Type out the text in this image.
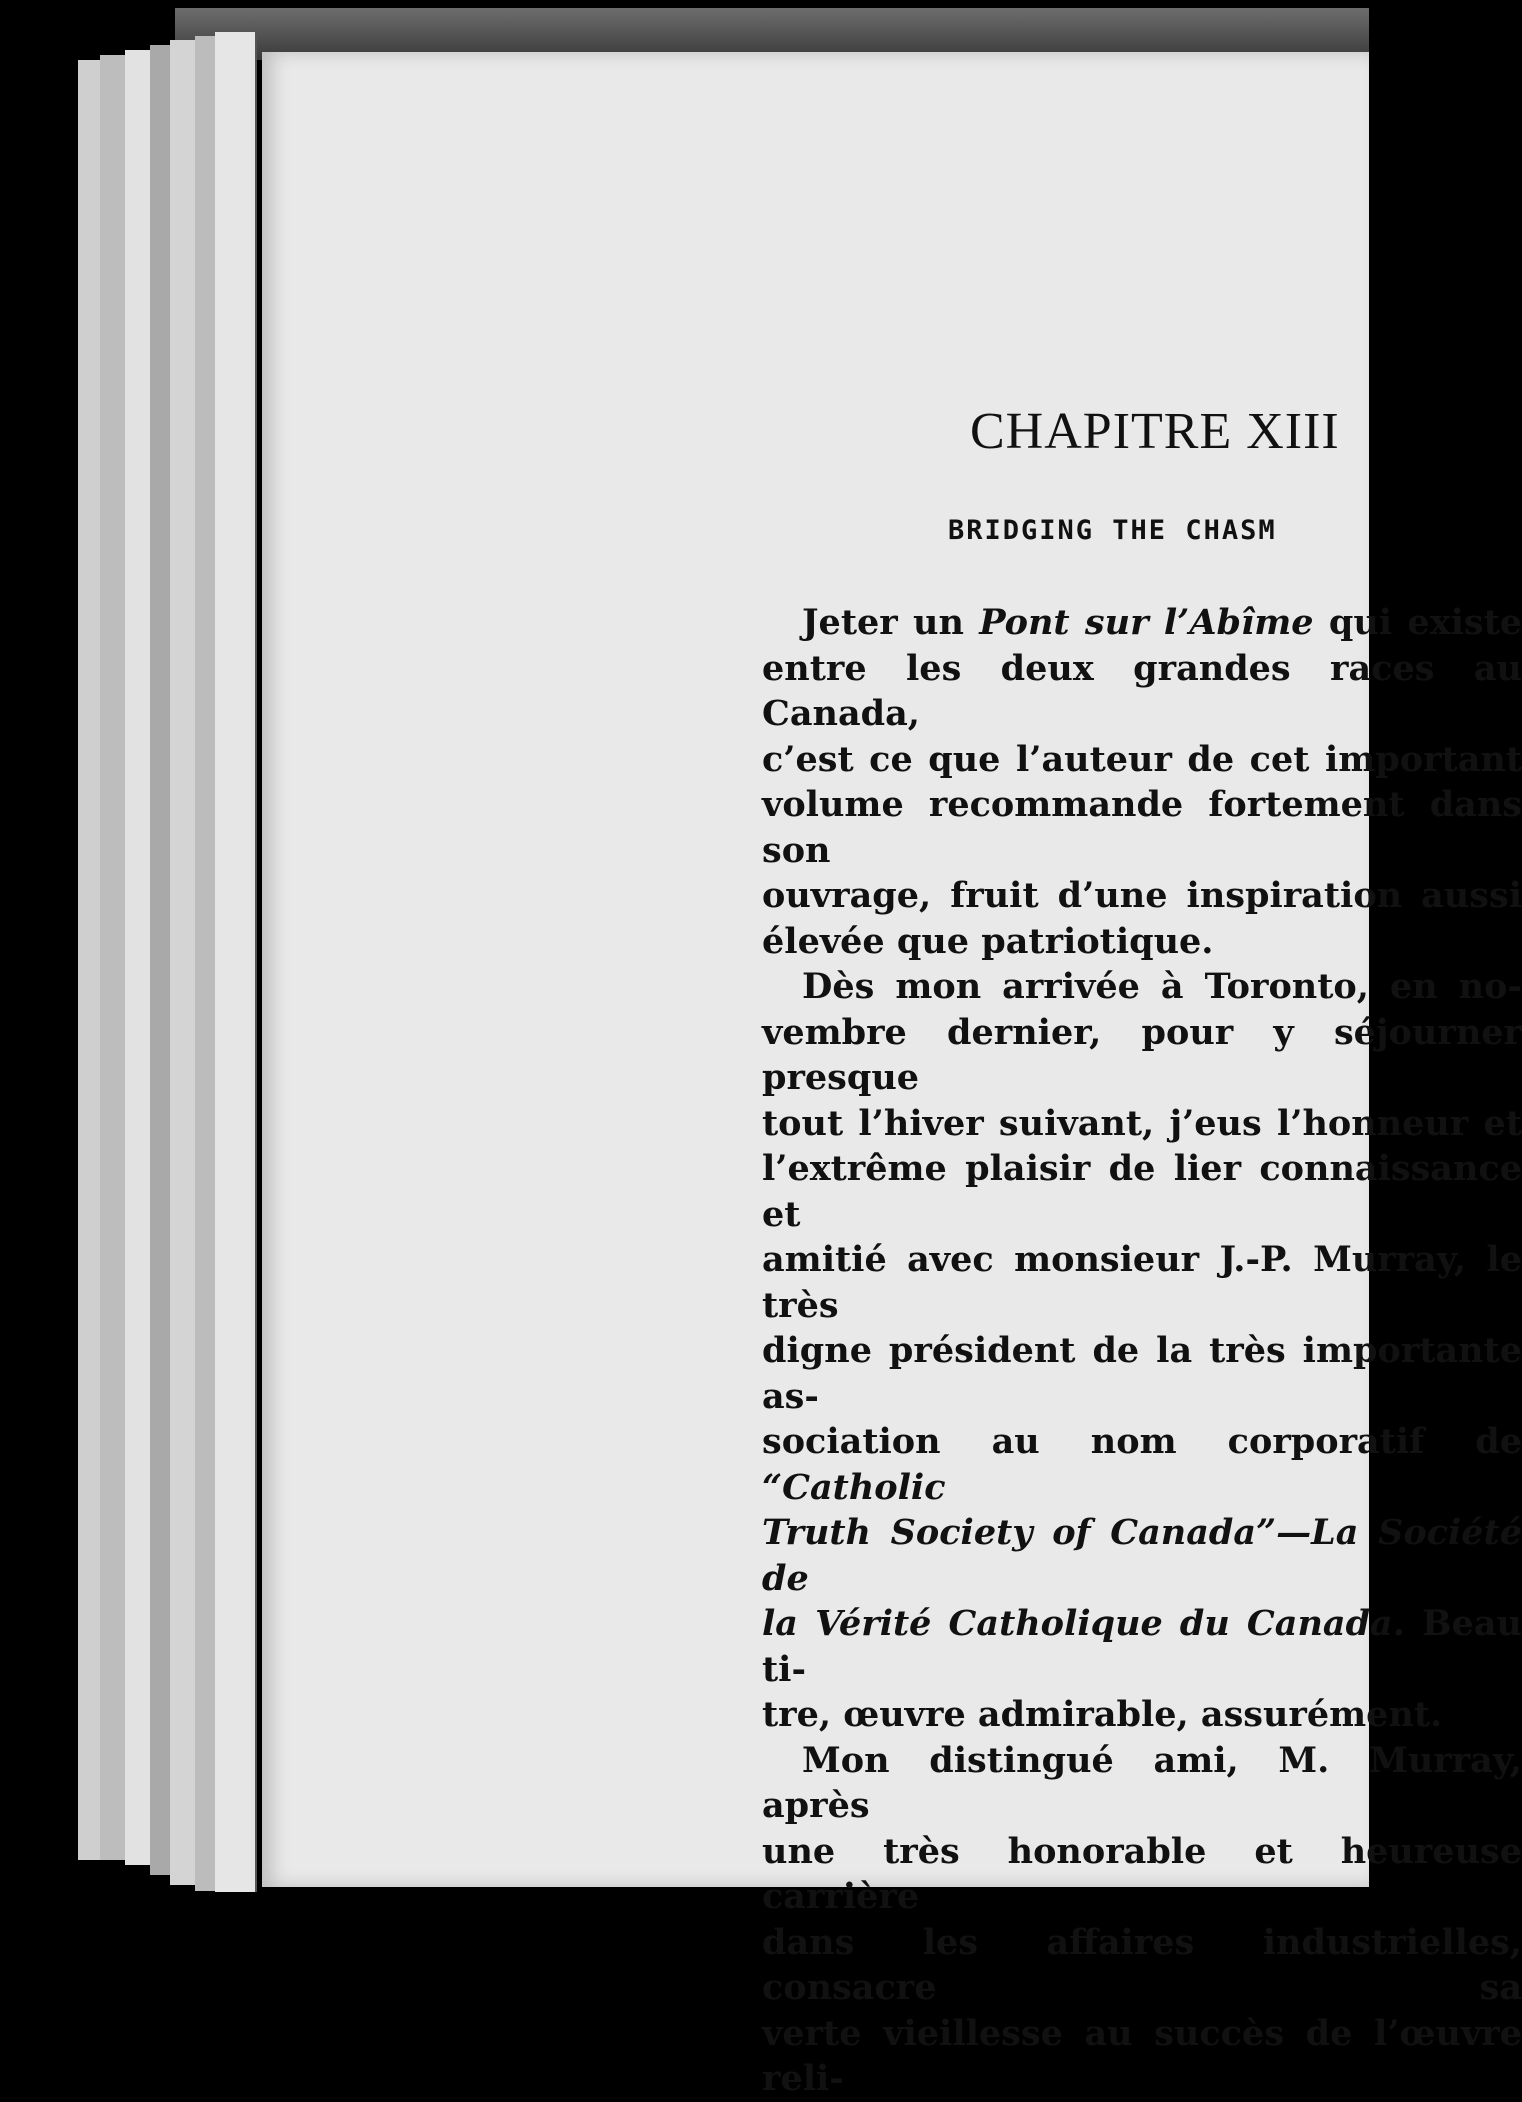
CHAPITRE XIII
BRIDGING THE CHASM

Jeter un Pont sur l’Abîme qui existe
entre les deux grandes races au Canada,
c’est ce que l’auteur de cet important
volume recommande fortement dans son
ouvrage, fruit d’une inspiration aussi
élevée que patriotique.

Dès mon arrivée à Toronto, en no-
vembre dernier, pour y séjourner presque
tout l’hiver suivant, j’eus l’honneur et
l’extrême plaisir de lier connaissance et
amitié avec monsieur J.-P. Murray, le très
digne président de la très importante as-
sociation au nom corporatif de “Catholic
Truth Society of Canada”—La Société de
la Vérité Catholique du Canada. Beau ti-
tre, œuvre admirable, assurément.

Mon distingué ami, M. Murray, après
une très honorable et heureuse carrière
dans les affaires industrielles, consacre sa
verte vieillesse au succès de l’œuvre reli-
